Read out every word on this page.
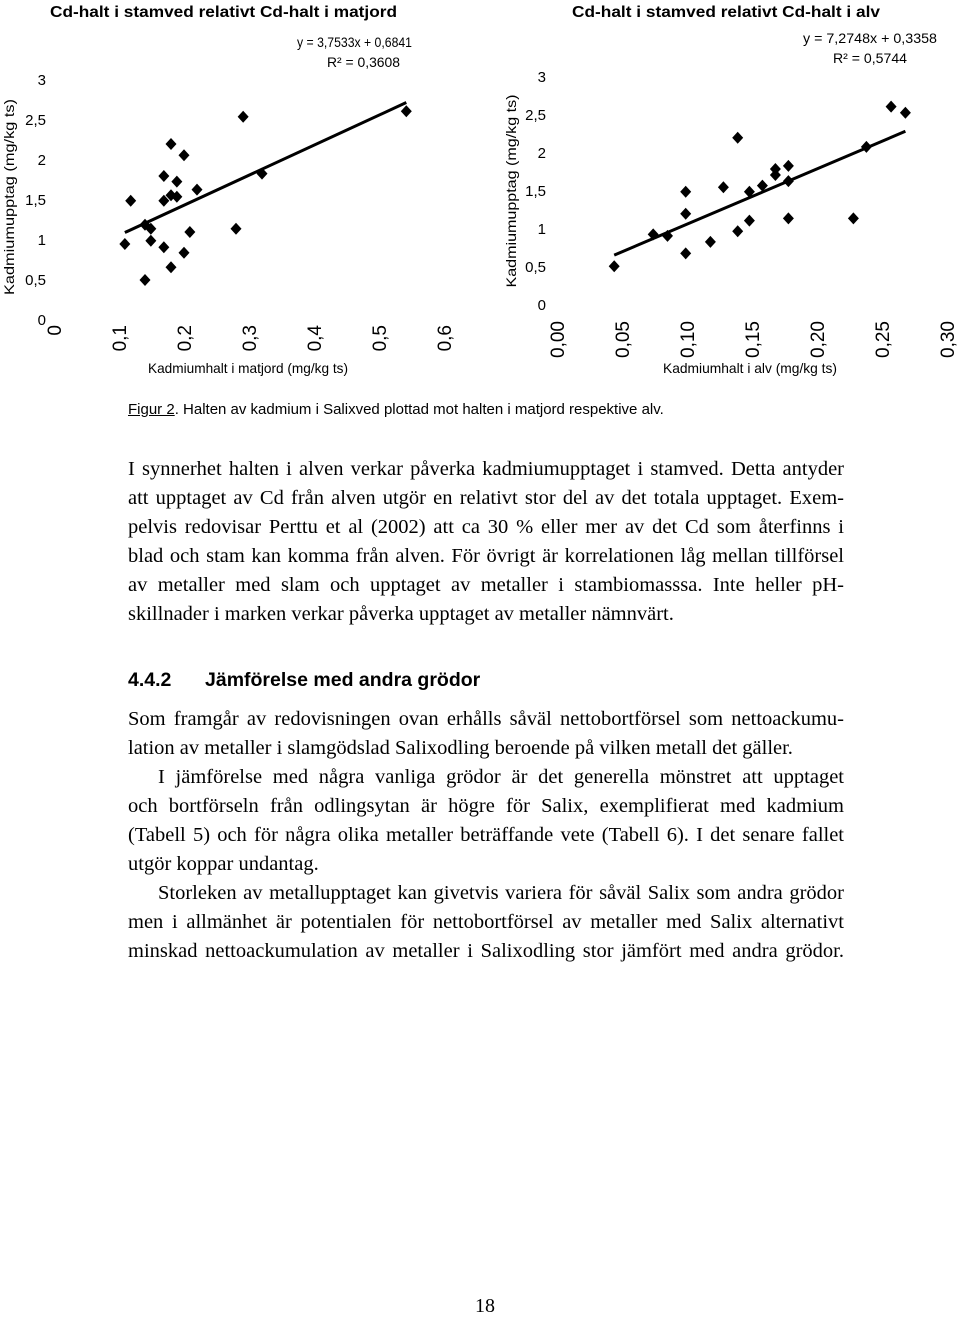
Cd-halt i stamved relativt Cd-halt i matjord
y = 3,7533x + 0,6841
R² = 0,3608
Kadmiumupptag (mg/kg ts)
Kadmiumhalt i matjord (mg/kg ts)
0
0,5
1
1,5
2
2,5
3
0 0,1 0,2 0,3 0,4 0,5 0,6
Cd-halt i stamved relativt Cd-halt i alv
y = 7,2748x + 0,3358
R² = 0,5744
Kadmiumupptag (mg/kg ts)
Kadmiumhalt i alv (mg/kg ts)
0
0,5
1
1,5
2
2,5
3
0,00 0,05 0,10 0,15 0,20 0,25 0,30
Figur 2. Halten av kadmium i Salixved plottad mot halten i matjord respektive alv.
I synnerhet halten i alven verkar påverka kadmiumupptaget i stamved. Detta antyder
att upptaget av Cd från alven utgör en relativt stor del av det totala upptaget. Exem-
pelvis redovisar Perttu et al (2002) att ca 30 % eller mer av det Cd som återfinns i
blad och stam kan komma från alven. För övrigt är korrelationen låg mellan tillförsel
av metaller med slam och upptaget av metaller i stambiomasssa. Inte heller pH-
skillnader i marken verkar påverka upptaget av metaller nämnvärt.
4.4.2 Jämförelse med andra grödor
Som framgår av redovisningen ovan erhålls såväl nettobortförsel som nettoackumu-
lation av metaller i slamgödslad Salixodling beroende på vilken metall det gäller.
I jämförelse med några vanliga grödor är det generella mönstret att upptaget
och bortförseln från odlingsytan är högre för Salix, exemplifierat med kadmium
(Tabell 5) och för några olika metaller beträffande vete (Tabell 6). I det senare fallet
utgör koppar undantag.
Storleken av metallupptaget kan givetvis variera för såväl Salix som andra grödor
men i allmänhet är potentialen för nettobortförsel av metaller med Salix alternativt
minskad nettoackumulation av metaller i Salixodling stor jämfört med andra grödor.
18
